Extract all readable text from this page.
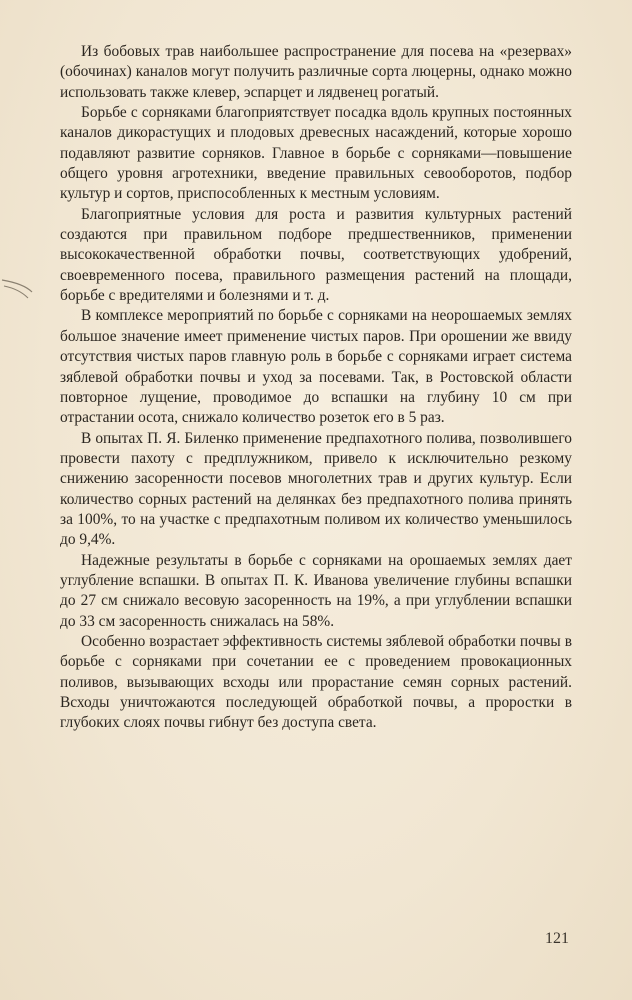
Из бобовых трав наибольшее распространение для посева на «резервах» (обочинах) каналов могут получить различные сорта люцерны, однако можно использовать также клевер, эспарцет и лядвенец рогатый.

Борьбе с сорняками благоприятствует посадка вдоль крупных постоянных каналов дикорастущих и плодовых древесных насаждений, которые хорошо подавляют развитие сорняков. Главное в борьбе с сорняками—повышение общего уровня агротехники, введение правильных севооборотов, подбор культур и сортов, приспособленных к местным условиям.

Благоприятные условия для роста и развития культурных растений создаются при правильном подборе предшественников, применении высококачественной обработки почвы, соответствующих удобрений, своевременного посева, правильного размещения растений на площади, борьбе с вредителями и болезнями и т. д.

В комплексе мероприятий по борьбе с сорняками на неорошаемых землях большое значение имеет применение чистых паров. При орошении же ввиду отсутствия чистых паров главную роль в борьбе с сорняками играет система зяблевой обработки почвы и уход за посевами. Так, в Ростовской области повторное лущение, проводимое до вспашки на глубину 10 см при отрастании осота, снижало количество розеток его в 5 раз.

В опытах П. Я. Биленко применение предпахотного полива, позволившего провести пахоту с предплужником, привело к исключительно резкому снижению засоренности посевов многолетних трав и других культур. Если количество сорных растений на делянках без предпахотного полива принять за 100%, то на участке с предпахотным поливом их количество уменьшилось до 9,4%.

Надежные результаты в борьбе с сорняками на орошаемых землях дает углубление вспашки. В опытах П. К. Иванова увеличение глубины вспашки до 27 см снижало весовую засоренность на 19%, а при углублении вспашки до 33 см засоренность снижалась на 58%.

Особенно возрастает эффективность системы зяблевой обработки почвы в борьбе с сорняками при сочетании ее с проведением провокационных поливов, вызывающих всходы или прорастание семян сорных растений. Всходы уничтожаются последующей обработкой почвы, а проростки в глубоких слоях почвы гибнут без доступа света.

121
